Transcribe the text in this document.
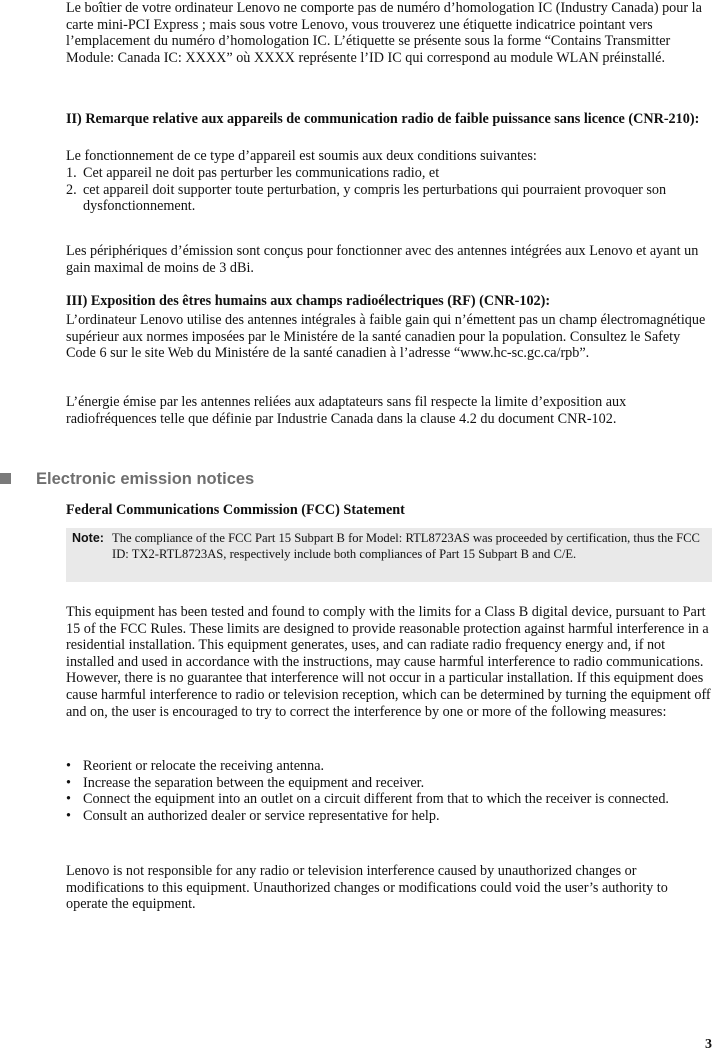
Le boîtier de votre ordinateur Lenovo ne comporte pas de numéro d’homologation IC (Industry Canada) pour la carte mini-PCI Express ; mais sous votre Lenovo, vous trouverez une étiquette indicatrice pointant vers l’emplacement du numéro d’homologation IC. L’étiquette se présente sous la forme “Contains Transmitter Module: Canada IC: XXXX” où XXXX représente l’ID IC qui correspond au module WLAN préinstallé.

II) Remarque relative aux appareils de communication radio de faible puissance sans licence (CNR-210):

Le fonctionnement de ce type d’appareil est soumis aux deux conditions suivantes:

1. Cet appareil ne doit pas perturber les communications radio, et
2. cet appareil doit supporter toute perturbation, y compris les perturbations qui pourraient provoquer son dysfonctionnement.

Les périphériques d’émission sont conçus pour fonctionner avec des antennes intégrées aux Lenovo et ayant un gain maximal de moins de 3 dBi.

III) Exposition des êtres humains aux champs radioélectriques (RF) (CNR-102):

L’ordinateur Lenovo utilise des antennes intégrales à faible gain qui n’émettent pas un champ électromagnétique supérieur aux normes imposées par le Ministére de la santé canadien pour la population. Consultez le Safety Code 6 sur le site Web du Ministére de la santé canadien à l’adresse “www.hc-sc.gc.ca/rpb”.

L’énergie émise par les antennes reliées aux adaptateurs sans fil respecte la limite d’exposition aux radiofréquences telle que définie par Industrie Canada dans la clause 4.2 du document CNR-102.

Electronic emission notices

Federal Communications Commission (FCC) Statement

Note: The compliance of the FCC Part 15 Subpart B for Model: RTL8723AS was proceeded by certification, thus the FCC ID: TX2-RTL8723AS, respectively include both compliances of Part 15 Subpart B and C/E.

This equipment has been tested and found to comply with the limits for a Class B digital device, pursuant to Part 15 of the FCC Rules. These limits are designed to provide reasonable protection against harmful interference in a residential installation. This equipment generates, uses, and can radiate radio frequency energy and, if not installed and used in accordance with the instructions, may cause harmful interference to radio communications. However, there is no guarantee that interference will not occur in a particular installation. If this equipment does cause harmful interference to radio or television reception, which can be determined by turning the equipment off and on, the user is encouraged to try to correct the interference by one or more of the following measures:

• Reorient or relocate the receiving antenna.
• Increase the separation between the equipment and receiver.
• Connect the equipment into an outlet on a circuit different from that to which the receiver is connected.
• Consult an authorized dealer or service representative for help.

Lenovo is not responsible for any radio or television interference caused by unauthorized changes or modifications to this equipment. Unauthorized changes or modifications could void the user’s authority to operate the equipment.

3
